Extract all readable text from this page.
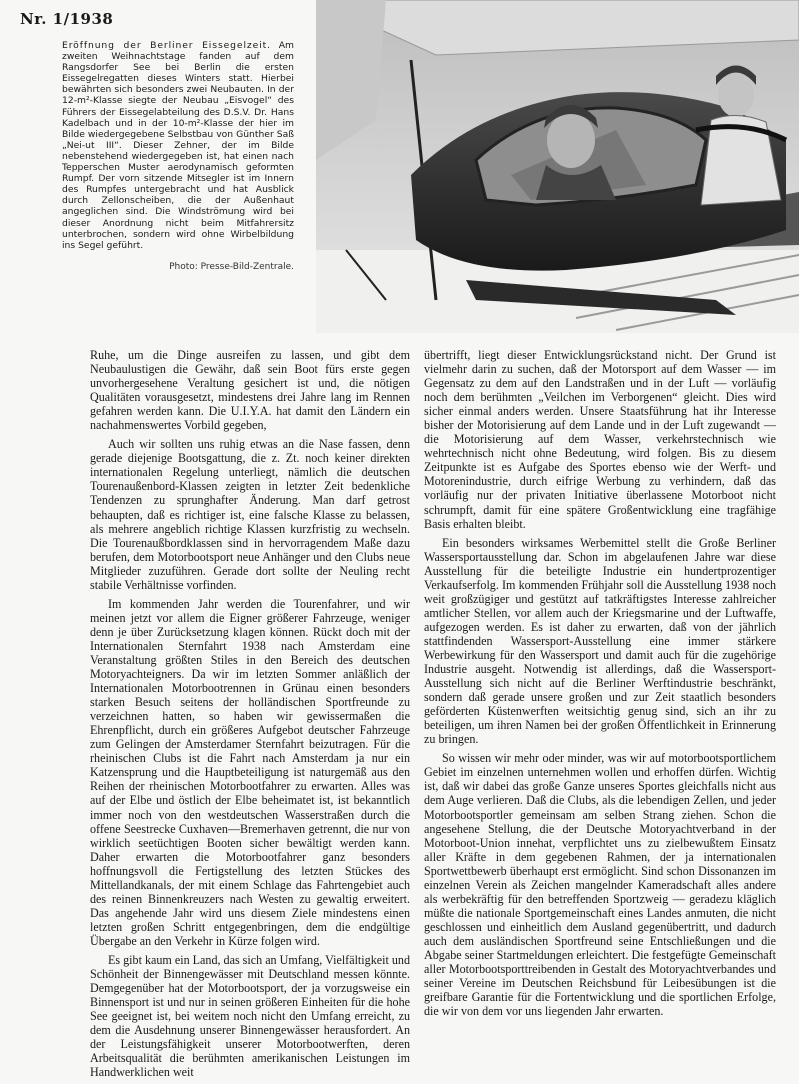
Nr. 1/1938
Eröffnung der Berliner Eissegelzeit. Am zweiten Weihnachtstage fanden auf dem Rangsdorfer See bei Berlin die ersten Eissegelregatten dieses Winters statt. Hierbei bewährten sich besonders zwei Neubauten. In der 12-m²-Klasse siegte der Neubau „Eisvogel“ des Führers der Eissegelabteilung des D.S.V. Dr. Hans Kadelbach und in der 10-m²-Klasse der hier im Bilde wiedergegebene Selbstbau von Günther Saß „Nei-ut III“. Dieser Zehner, der im Bilde nebenstehend wiedergegeben ist, hat einen nach Tepperschen Muster aerodynamisch geformten Rumpf. Der vorn sitzende Mitsegler ist im Innern des Rumpfes untergebracht und hat Ausblick durch Zellonscheiben, die der Außenhaut angeglichen sind. Die Windströmung wird bei dieser Anordnung nicht beim Mitfahrersitz unterbrochen, sondern wird ohne Wirbelbildung ins Segel geführt.
Photo: Presse-Bild-Zentrale.

Ruhe, um die Dinge ausreifen zu lassen, und gibt dem Neubaulustigen die Gewähr, daß sein Boot fürs erste gegen unvorhergesehene Veraltung gesichert ist und, die nötigen Qualitäten vorausgesetzt, mindestens drei Jahre lang im Rennen gefahren werden kann. Die U.I.Y.A. hat damit den Ländern ein nachahmenswertes Vorbild gegeben,

Auch wir sollten uns ruhig etwas an die Nase fassen, denn gerade diejenige Bootsgattung, die z. Zt. noch keiner direkten internationalen Regelung unterliegt, nämlich die deutschen Tourenaußenbord-Klassen zeigten in letzter Zeit bedenkliche Tendenzen zu sprunghafter Änderung. Man darf getrost behaupten, daß es richtiger ist, eine falsche Klasse zu belassen, als mehrere angeblich richtige Klassen kurzfristig zu wechseln. Die Tourenaußbordklassen sind in hervorragendem Maße dazu berufen, dem Motorbootsport neue Anhänger und den Clubs neue Mitglieder zuzuführen. Gerade dort sollte der Neuling recht stabile Verhältnisse vorfinden.

Im kommenden Jahr werden die Tourenfahrer, und wir meinen jetzt vor allem die Eigner größerer Fahrzeuge, weniger denn je über Zurücksetzung klagen können. Rückt doch mit der Internationalen Sternfahrt 1938 nach Amsterdam eine Veranstaltung größten Stiles in den Bereich des deutschen Motoryachteigners. Da wir im letzten Sommer anläßlich der Internationalen Motorbootrennen in Grünau einen besonders starken Besuch seitens der holländischen Sportfreunde zu verzeichnen hatten, so haben wir gewissermaßen die Ehrenpflicht, durch ein größeres Aufgebot deutscher Fahrzeuge zum Gelingen der Amsterdamer Sternfahrt beizutragen. Für die rheinischen Clubs ist die Fahrt nach Amsterdam ja nur ein Katzensprung und die Hauptbeteiligung ist naturgemäß aus den Reihen der rheinischen Motorbootfahrer zu erwarten. Alles was auf der Elbe und östlich der Elbe beheimatet ist, ist bekanntlich immer noch von den westdeutschen Wasserstraßen durch die offene Seestrecke Cuxhaven—Bremerhaven getrennt, die nur von wirklich seetüchtigen Booten sicher bewältigt werden kann. Daher erwarten die Motorbootfahrer ganz besonders hoffnungsvoll die Fertigstellung des letzten Stückes des Mittellandkanals, der mit einem Schlage das Fahrtengebiet auch des reinen Binnenkreuzers nach Westen zu gewaltig erweitert. Das angehende Jahr wird uns diesem Ziele mindestens einen letzten großen Schritt entgegenbringen, dem die endgültige Übergabe an den Verkehr in Kürze folgen wird.

Es gibt kaum ein Land, das sich an Umfang, Vielfältigkeit und Schönheit der Binnengewässer mit Deutschland messen könnte. Demgegenüber hat der Motorbootsport, der ja vorzugsweise ein Binnensport ist und nur in seinen größeren Einheiten für die hohe See geeignet ist, bei weitem noch nicht den Umfang erreicht, zu dem die Ausdehnung unserer Binnengewässer herausfordert. An der Leistungsfähigkeit unserer Motorbootwerften, deren Arbeitsqualität die berühmten amerikanischen Leistungen im Handwerklichen weit

übertrifft, liegt dieser Entwicklungsrückstand nicht. Der Grund ist vielmehr darin zu suchen, daß der Motorsport auf dem Wasser — im Gegensatz zu dem auf den Landstraßen und in der Luft — vorläufig noch dem berühmten „Veilchen im Verborgenen“ gleicht. Dies wird sicher einmal anders werden. Unsere Staatsführung hat ihr Interesse bisher der Motorisierung auf dem Lande und in der Luft zugewandt — die Motorisierung auf dem Wasser, verkehrstechnisch wie wehrtechnisch nicht ohne Bedeutung, wird folgen. Bis zu diesem Zeitpunkte ist es Aufgabe des Sportes ebenso wie der Werft- und Motorenindustrie, durch eifrige Werbung zu verhindern, daß das vorläufig nur der privaten Initiative überlassene Motorboot nicht schrumpft, damit für eine spätere Großentwicklung eine tragfähige Basis erhalten bleibt.

Ein besonders wirksames Werbemittel stellt die Große Berliner Wassersportausstellung dar. Schon im abgelaufenen Jahre war diese Ausstellung für die beteiligte Industrie ein hundertprozentiger Verkaufserfolg. Im kommenden Frühjahr soll die Ausstellung 1938 noch weit großzügiger und gestützt auf tatkräftigstes Interesse zahlreicher amtlicher Stellen, vor allem auch der Kriegsmarine und der Luftwaffe, aufgezogen werden. Es ist daher zu erwarten, daß von der jährlich stattfindenden Wassersport-Ausstellung eine immer stärkere Werbewirkung für den Wassersport und damit auch für die zugehörige Industrie ausgeht. Notwendig ist allerdings, daß die Wassersport-Ausstellung sich nicht auf die Berliner Werftindustrie beschränkt, sondern daß gerade unsere großen und zur Zeit staatlich besonders geförderten Küstenwerften weitsichtig genug sind, sich an ihr zu beteiligen, um ihren Namen bei der großen Öffentlichkeit in Erinnerung zu bringen.

So wissen wir mehr oder minder, was wir auf motorbootsportlichem Gebiet im einzelnen unternehmen wollen und erhoffen dürfen. Wichtig ist, daß wir dabei das große Ganze unseres Sportes gleichfalls nicht aus dem Auge verlieren. Daß die Clubs, als die lebendigen Zellen, und jeder Motorbootsportler gemeinsam am selben Strang ziehen. Schon die angesehene Stellung, die der Deutsche Motoryachtverband in der Motorboot-Union innehat, verpflichtet uns zu zielbewußtem Einsatz aller Kräfte in dem gegebenen Rahmen, der ja internationalen Sportwettbewerb überhaupt erst ermöglicht. Sind schon Dissonanzen im einzelnen Verein als Zeichen mangelnder Kameradschaft alles andere als werbekräftig für den betreffenden Sportzweig — geradezu kläglich müßte die nationale Sportgemeinschaft eines Landes anmuten, die nicht geschlossen und einheitlich dem Ausland gegenübertritt, und dadurch auch dem ausländischen Sportfreund seine Entschließungen und die Abgabe seiner Startmeldungen erleichtert. Die festgefügte Gemeinschaft aller Motorbootsporttreibenden in Gestalt des Motoryachtverbandes und seiner Vereine im Deutschen Reichsbund für Leibesübungen ist die greifbare Garantie für die Fortentwicklung und die sportlichen Erfolge, die wir von dem vor uns liegenden Jahr erwarten.
